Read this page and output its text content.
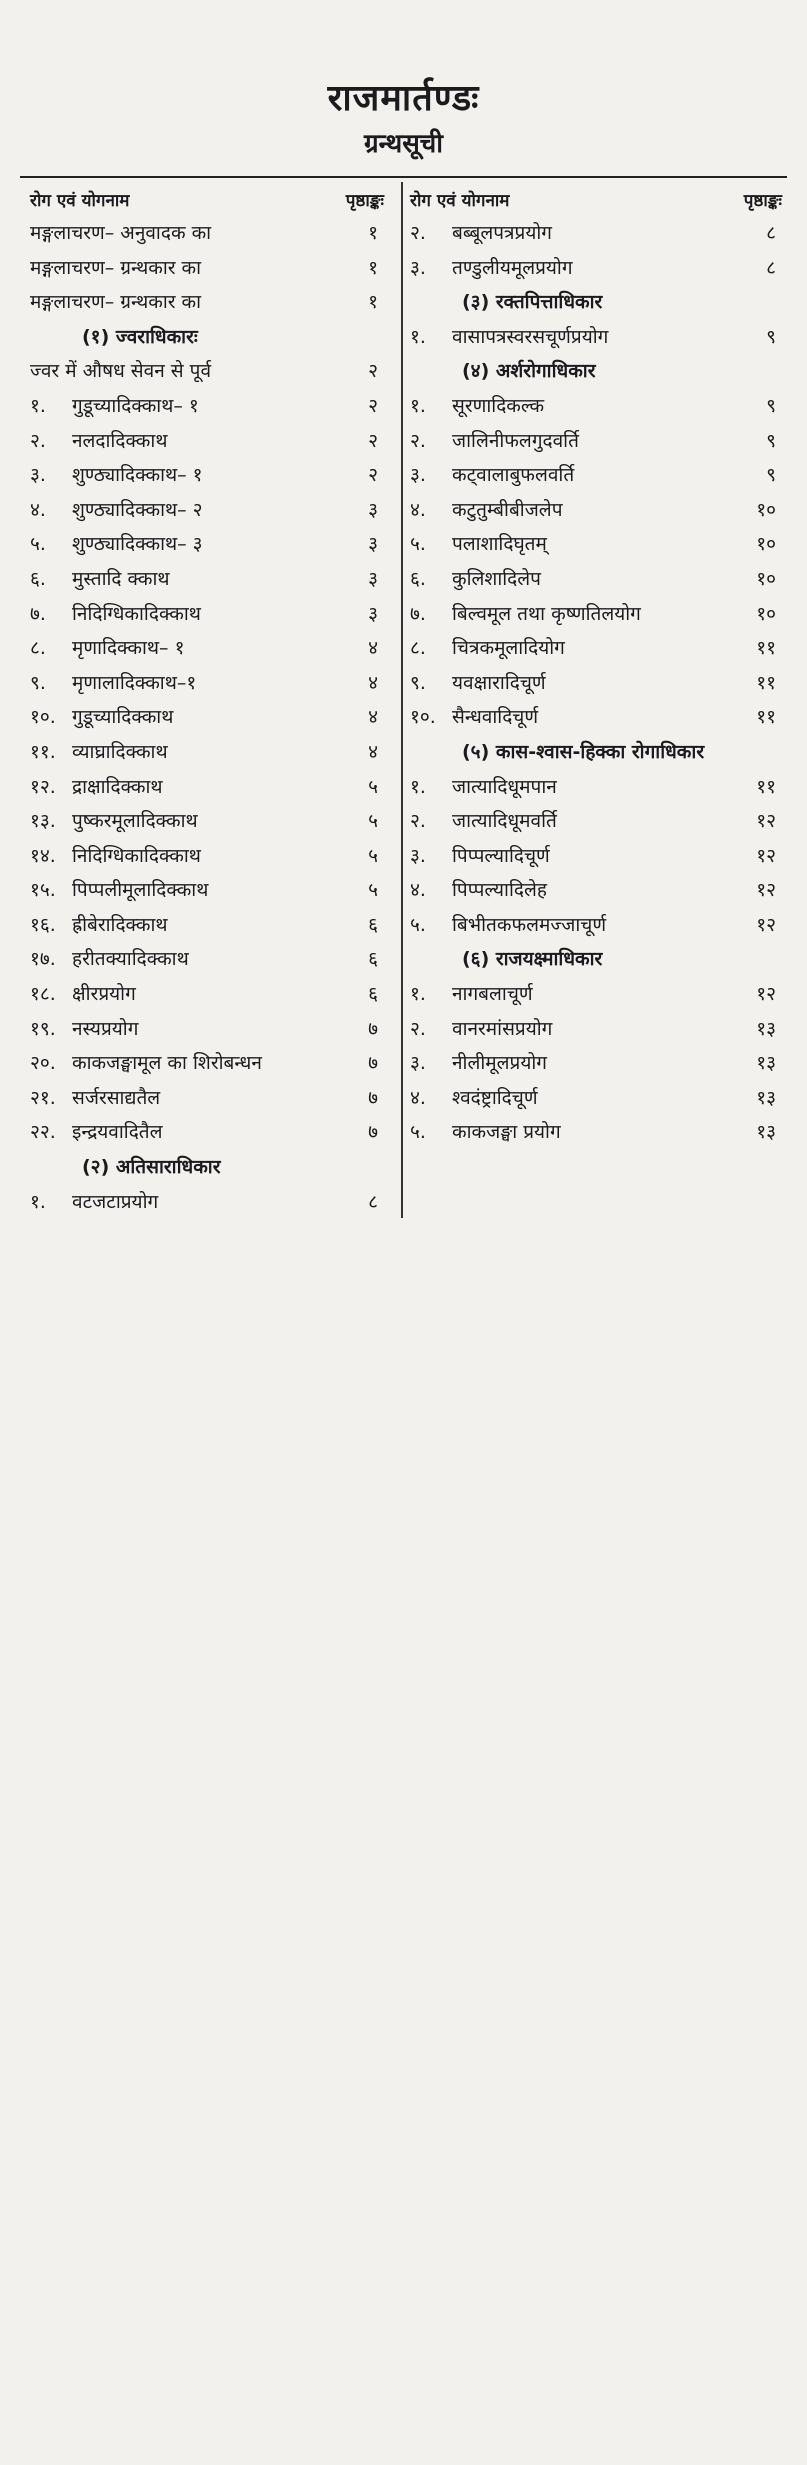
राजमार्तण्डः
ग्रन्थसूची
रोग एवं योगनाम	पृष्ठाङ्कः
मङ्गलाचरण– अनुवादक का	१
मङ्गलाचरण– ग्रन्थकार का	१
मङ्गलाचरण– ग्रन्थकार का	१
(१) ज्वराधिकारः
ज्वर में औषध सेवन से पूर्व	२
१. गुडूच्यादिक्काथ– १	२
२. नलदादिक्काथ	२
३. शुण्ठ्यादिक्काथ– १	२
४. शुण्ठ्यादिक्काथ– २	३
५. शुण्ठ्यादिक्काथ– ३	३
६. मुस्तादि क्काथ	३
७. निदिग्धिकादिक्काथ	३
८. मृणादिक्काथ– १	४
९. मृणालादिक्काथ–१	४
१०. गुडूच्यादिक्काथ	४
११. व्याघ्रादिक्काथ	४
१२. द्राक्षादिक्काथ	५
१३. पुष्करमूलादिक्काथ	५
१४. निदिग्धिकादिक्काथ	५
१५. पिप्पलीमूलादिक्काथ	५
१६. ह्रीबेरादिक्काथ	६
१७. हरीतक्यादिक्काथ	६
१८. क्षीरप्रयोग	६
१९. नस्यप्रयोग	७
२०. काकजङ्घामूल का शिरोबन्धन	७
२१. सर्जरसाद्यतैल	७
२२. इन्द्रयवादितैल	७
(२) अतिसाराधिकार
१. वटजटाप्रयोग	८
रोग एवं योगनाम	पृष्ठाङ्कः
२. बब्बूलपत्रप्रयोग	८
३. तण्डुलीयमूलप्रयोग	८
(३) रक्तपित्ताधिकार
१. वासापत्रस्वरसचूर्णप्रयोग	९
(४) अर्शरोगाधिकार
१. सूरणादिकल्क	९
२. जालिनीफलगुदवर्ति	९
३. कट्वालाबुफलवर्ति	९
४. कटुतुम्बीबीजलेप	१०
५. पलाशादिघृतम्	१०
६. कुलिशादिलेप	१०
७. बिल्वमूल तथा कृष्णतिलयोग	१०
८. चित्रकमूलादियोग	११
९. यवक्षारादिचूर्ण	११
१०. सैन्धवादिचूर्ण	११
(५) कास-श्वास-हिक्का रोगाधिकार
१. जात्यादिधूमपान	११
२. जात्यादिधूमवर्ति	१२
३. पिप्पल्यादिचूर्ण	१२
४. पिप्पल्यादिलेह	१२
५. बिभीतकफलमज्जाचूर्ण	१२
(६) राजयक्ष्माधिकार
१. नागबलाचूर्ण	१२
२. वानरमांसप्रयोग	१३
३. नीलीमूलप्रयोग	१३
४. श्वदंष्ट्रादिचूर्ण	१३
५. काकजङ्घा प्रयोग	१३
